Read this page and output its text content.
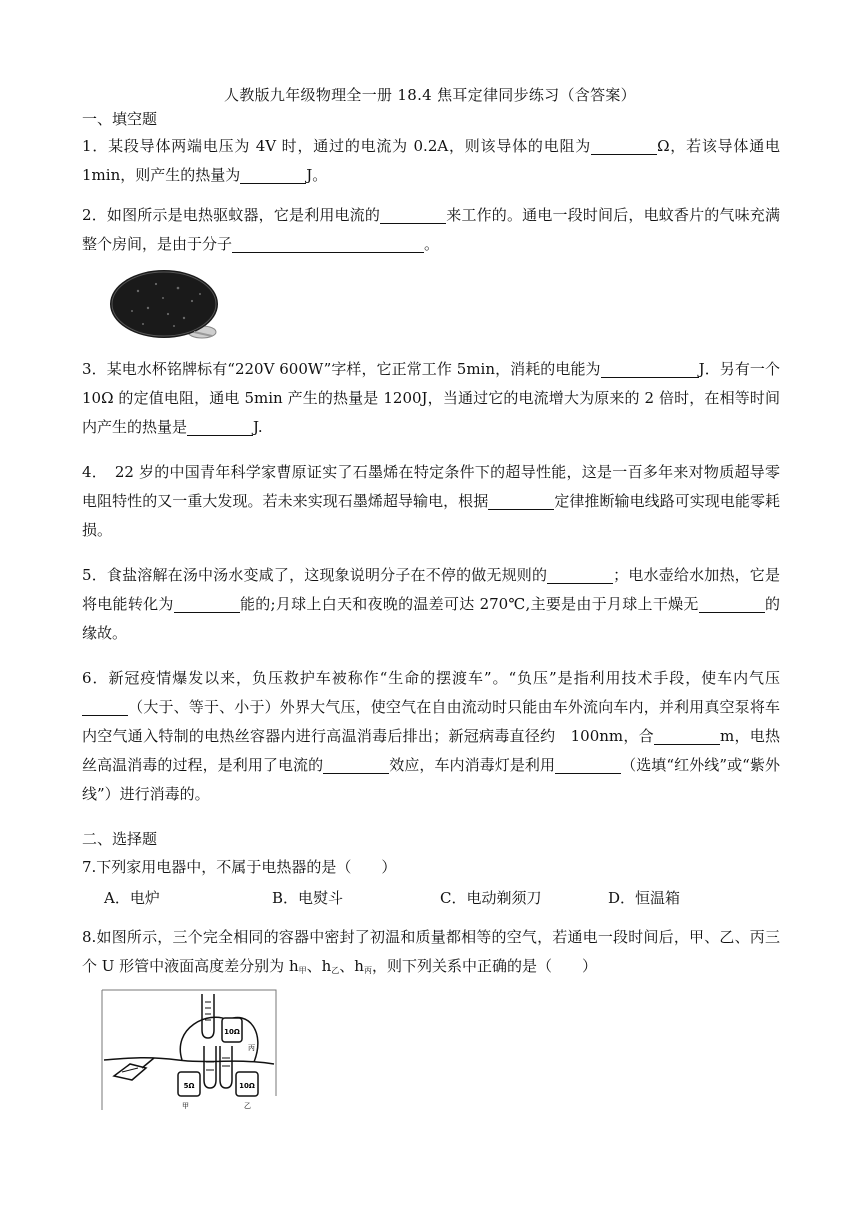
人教版九年级物理全一册 18.4 焦耳定律同步练习（含答案）
一、填空题
1．某段导体两端电压为 4V 时，通过的电流为 0.2A，则该导体的电阻为	Ω，若该导体通电 1min，则产生的热量为	J。
2．如图所示是电热驱蚊器，它是利用电流的	来工作的。通电一段时间后，电蚊香片的气味充满整个房间，是由于分子	。
3．某电水杯铭牌标有“220V 600W”字样，它正常工作 5min，消耗的电能为	J．另有一个 10Ω 的定值电阻，通电 5min 产生的热量是 1200J，当通过它的电流增大为原来的 2 倍时，在相等时间内产生的热量是	J.
4．　22 岁的中国青年科学家曹原证实了石墨烯在特定条件下的超导性能，这是一百多年来对物质超导零电阻特性的又一重大发现。若未来实现石墨烯超导输电，根据	定律推断输电线路可实现电能零耗损。
5．食盐溶解在汤中汤水变咸了，这现象说明分子在不停的做无规则的	；电水壶给水加热，它是将电能转化为	能的;月球上白天和夜晚的温差可达 270℃,主要是由于月球上干燥无	的缘故。
6．新冠疫情爆发以来，负压救护车被称作“生命的摆渡车”。“负压”是指利用技术手段，使车内气压（大于、等于、小于）外界大气压，使空气在自由流动时只能由车外流向车内，并利用真空泵将车内空气通入特制的电热丝容器内进行高温消毒后排出；新冠病毒直径约　100nm，合	m，电热丝高温消毒的过程，是利用了电流的	效应，车内消毒灯是利用	（选填“红外线”或“紫外线”）进行消毒的。
二、选择题
7.下列家用电器中，不属于电热器的是（　　）
A．电炉	B．电熨斗	C．电动剃须刀	D．恒温箱
8.如图所示，三个完全相同的容器中密封了初温和质量都相等的空气，若通电一段时间后，甲、乙、丙三个 U 形管中液面高度差分别为 $h_甲$、$h_乙$、$h_丙$，则下列关系中正确的是（　　）
10Ω
丙
5Ω
甲
10Ω
乙
